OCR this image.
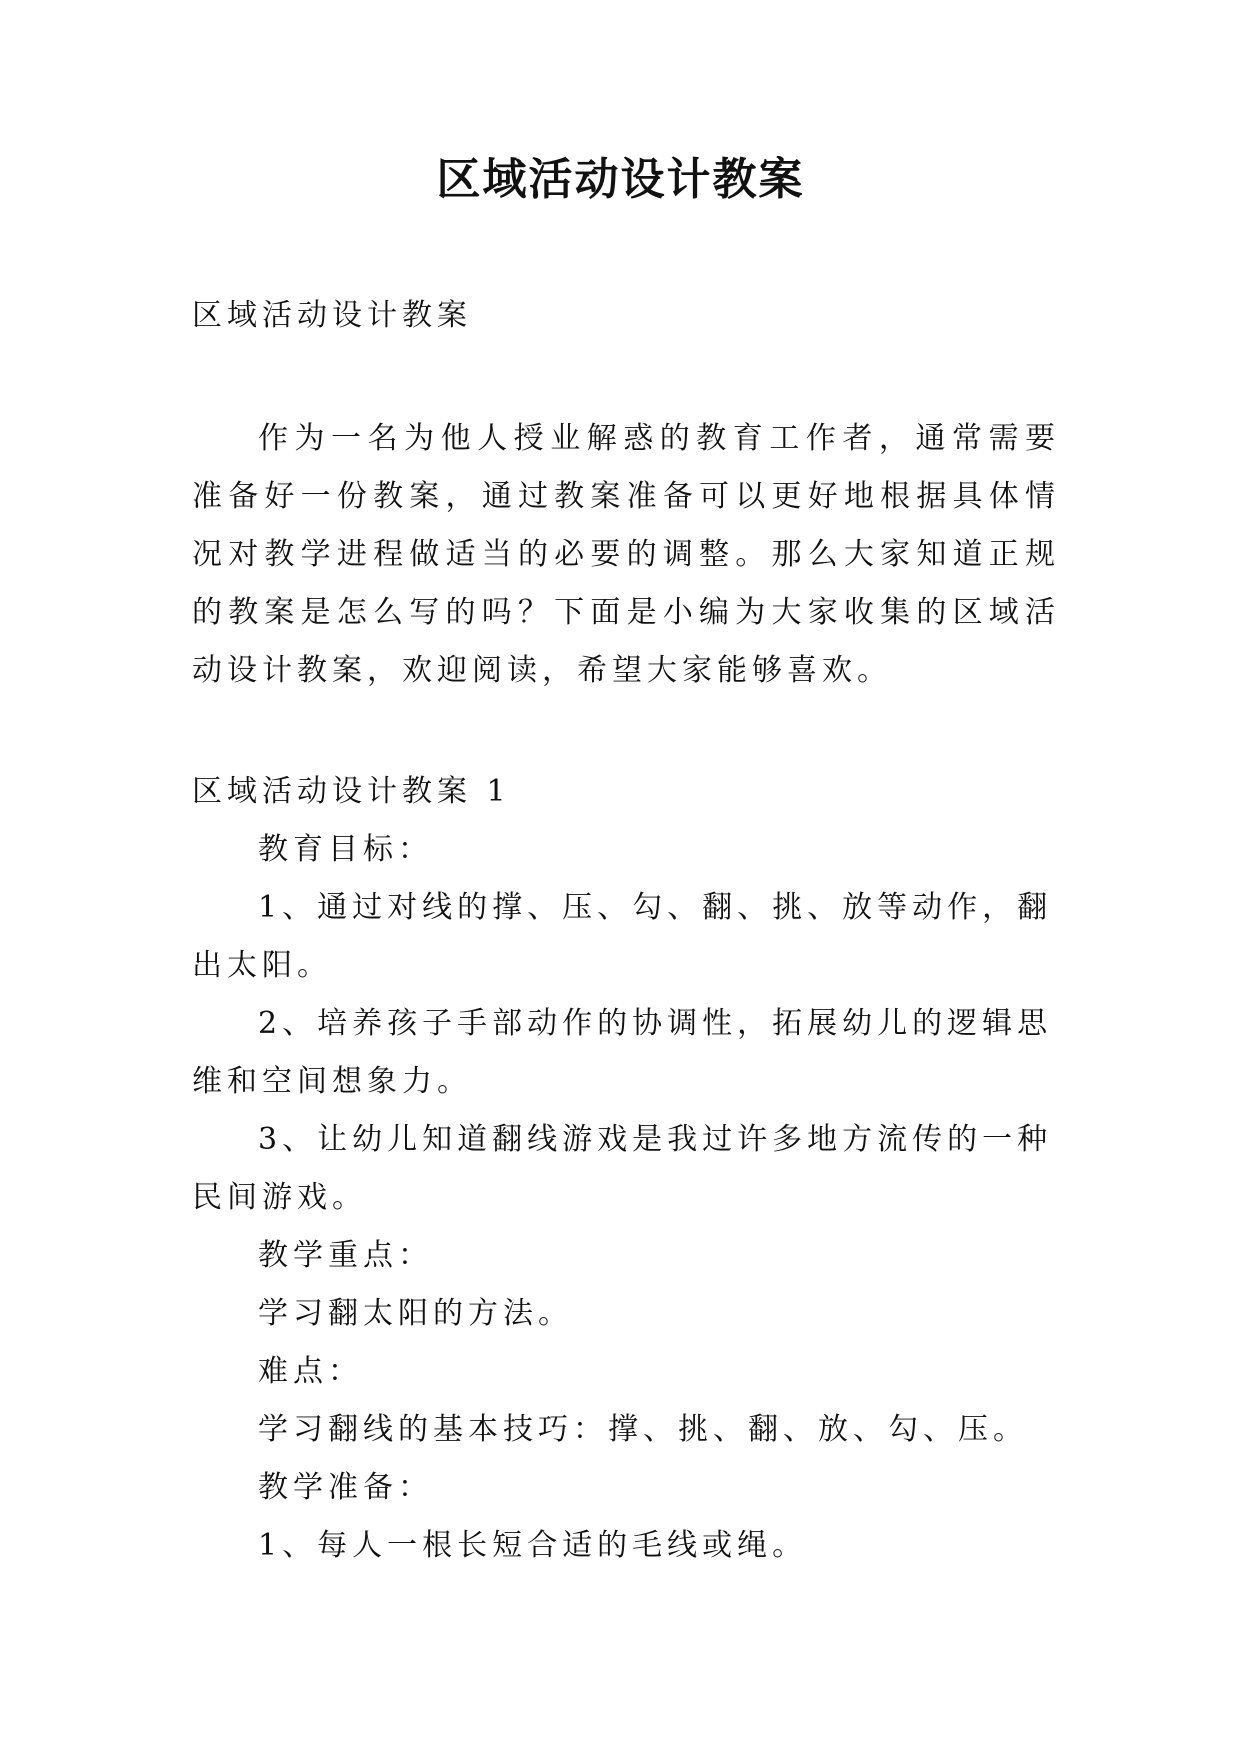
区域活动设计教案

区域活动设计教案

作为一名为他人授业解惑的教育工作者，通常需要准备好一份教案，通过教案准备可以更好地根据具体情况对教学进程做适当的必要的调整。那么大家知道正规的教案是怎么写的吗？下面是小编为大家收集的区域活动设计教案，欢迎阅读，希望大家能够喜欢。

区域活动设计教案 1

教育目标：

1、通过对线的撑、压、勾、翻、挑、放等动作，翻出太阳。

2、培养孩子手部动作的协调性，拓展幼儿的逻辑思维和空间想象力。

3、让幼儿知道翻线游戏是我过许多地方流传的一种民间游戏。

教学重点：

学习翻太阳的方法。

难点：

学习翻线的基本技巧：撑、挑、翻、放、勾、压。

教学准备：

1、每人一根长短合适的毛线或绳。
